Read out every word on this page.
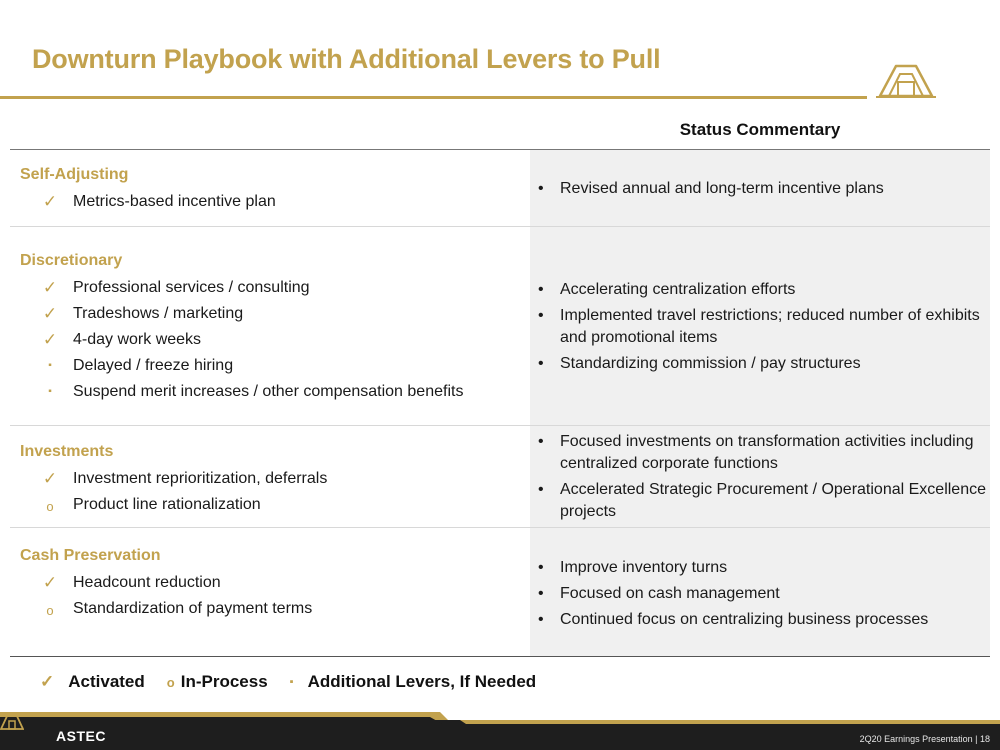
Downturn Playbook with Additional Levers to Pull
Status Commentary
Self-Adjusting
✓ Metrics-based incentive plan
• Revised annual and long-term incentive plans
Discretionary
✓ Professional services / consulting
✓ Tradeshows / marketing
✓ 4-day work weeks
▪	Delayed / freeze hiring
▪	Suspend merit increases / other compensation benefits
• Accelerating centralization efforts
• Implemented travel restrictions; reduced number of exhibits and promotional items
• Standardizing commission / pay structures
Investments
✓ Investment reprioritization, deferrals
o	Product line rationalization
• Focused investments on transformation activities including centralized corporate functions
• Accelerated Strategic Procurement / Operational Excellence projects
Cash Preservation
✓ Headcount reduction
o	Standardization of payment terms
• Improve inventory turns
• Focused on cash management
• Continued focus on centralizing business processes
✓ Activated o In-Process ▪ Additional Levers, If Needed
ASTEC	2Q20 Earnings Presentation | 18
